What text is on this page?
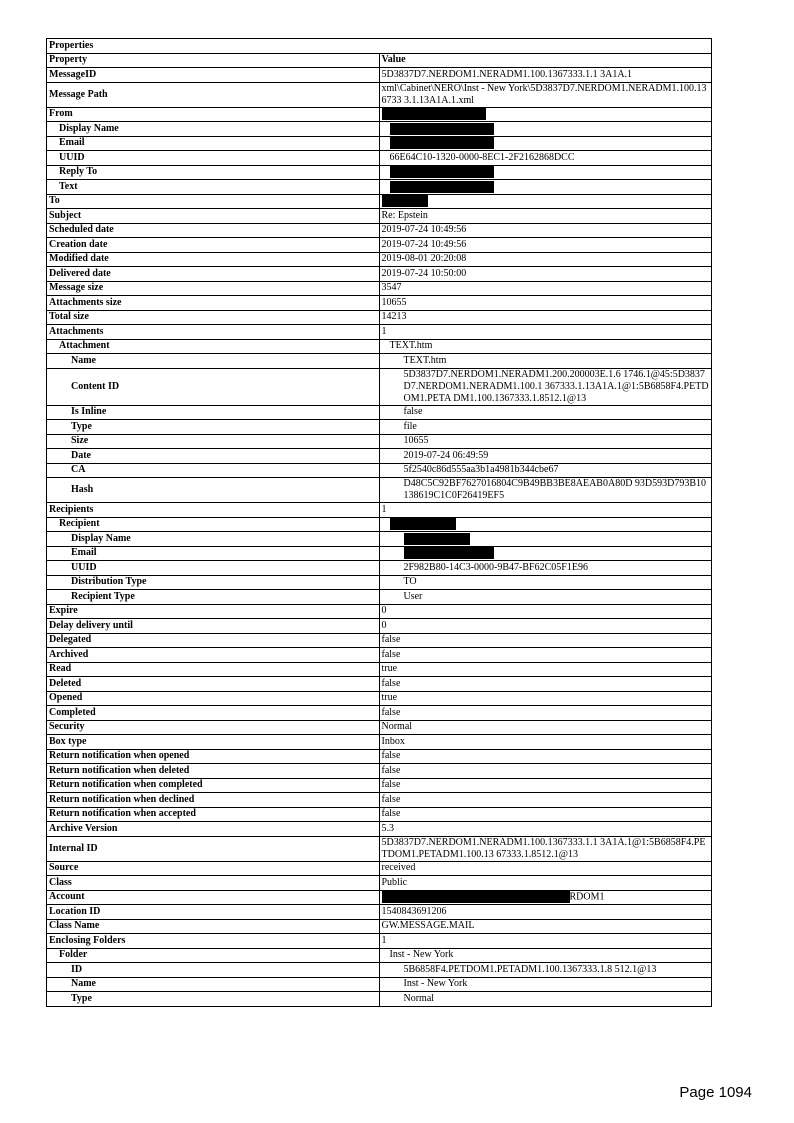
Properties	
Property	Value
MessageID	5D3837D7.NERDOM1.NERADM1.100.1367333.1.1 3A1A.1
Message Path	xml\Cabinet\NERO\Inst - New York\5D3837D7.NERDOM1.NERADM1.100.136733 3.1.13A1A.1.xml
From	
Display Name	
Email	
UUID	66E64C10-1320-0000-8EC1-2F2162868DCC
Reply To	
Text	
To	
Subject	Re: Epstein
Scheduled date	2019-07-24 10:49:56
Creation date	2019-07-24 10:49:56
Modified date	2019-08-01 20:20:08
Delivered date	2019-07-24 10:50:00
Message size	3547
Attachments size	10655
Total size	14213
Attachments	1
Attachment	TEXT.htm
Name	TEXT.htm
Content ID	5D3837D7.NERDOM1.NERADM1.200.200003E.1.6 1746.1@45:5D3837D7.NERDOM1.NERADM1.100.1 367333.1.13A1A.1@1:5B6858F4.PETDOM1.PETA DM1.100.1367333.1.8512.1@13
Is Inline	false
Type	file
Size	10655
Date	2019-07-24 06:49:59
CA	5f2540c86d555aa3b1a4981b344cbe67
Hash	D48C5C92BF7627016804C9B49BB3BE8AEAB0A80D 93D593D793B10138619C1C0F26419EF5
Recipients	1
Recipient	
Display Name	
Email	
UUID	2F982B80-14C3-0000-9B47-BF62C05F1E96
Distribution Type	TO
Recipient Type	User
Expire	0
Delay delivery until	0
Delegated	false
Archived	false
Read	true
Deleted	false
Opened	true
Completed	false
Security	Normal
Box type	Inbox
Return notification when opened	false
Return notification when deleted	false
Return notification when completed	false
Return notification when declined	false
Return notification when accepted	false
Archive Version	5.3
Internal ID	5D3837D7.NERDOM1.NERADM1.100.1367333.1.1 3A1A.1@1:5B6858F4.PETDOM1.PETADM1.100.13 67333.1.8512.1@13
Source	received
Class	Public
Account	RDOM1
Location ID	1540843691206
Class Name	GW.MESSAGE.MAIL
Enclosing Folders	1
Folder	Inst - New York
ID	5B6858F4.PETDOM1.PETADM1.100.1367333.1.8 512.1@13
Name	Inst - New York
Type	Normal
Page 1094
